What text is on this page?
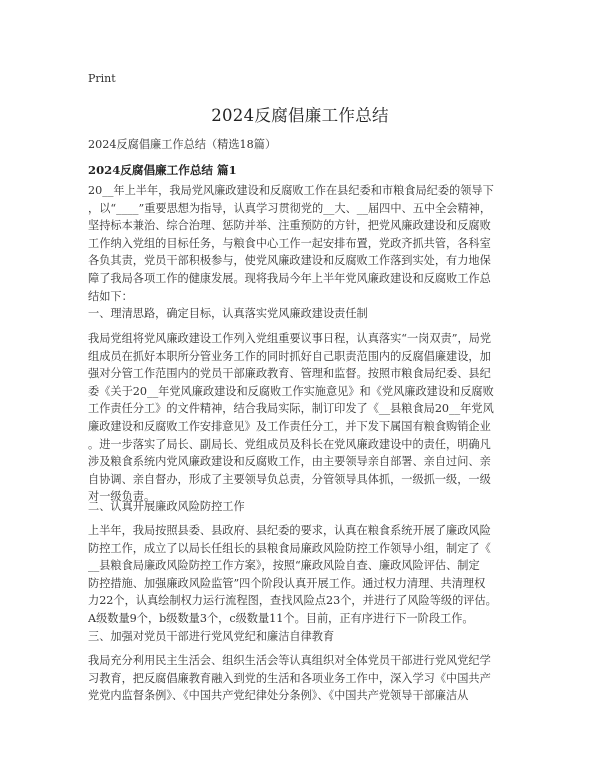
Print
2024反腐倡廉工作总结
2024反腐倡廉工作总结（精选18篇）
2024反腐倡廉工作总结 篇1
20__年上半年，我局党风廉政建设和反腐败工作在县纪委和市粮食局纪委的领导下
，以“____”重要思想为指导，认真学习贯彻党的__大、__届四中、五中全会精神，
坚持标本兼治、综合治理、惩防并举、注重预防的方针，把党风廉政建设和反腐败
工作纳入党组的目标任务，与粮食中心工作一起安排布置，党政齐抓共管，各科室
各负其责，党员干部积极参与，使党风廉政建设和反腐败工作落到实处，有力地保
障了我局各项工作的健康发展。现将我局今年上半年党风廉政建设和反腐败工作总
结如下：
一、理清思路，确定目标，认真落实党风廉政建设责任制
我局党组将党风廉政建设工作列入党组重要议事日程，认真落实“一岗双责”，局党
组成员在抓好本职所分管业务工作的同时抓好自己职责范围内的反腐倡廉建设，加
强对分管工作范围内的党员干部廉政教育、管理和监督。按照市粮食局纪委、县纪
委《关于20__年党风廉政建设和反腐败工作实施意见》和《党风廉政建设和反腐败
工作责任分工》的文件精神，结合我局实际，制订印发了《__县粮食局20__年党风
廉政建设和反腐败工作安排意见》及工作责任分工，并下发下属国有粮食购销企业
。进一步落实了局长、副局长、党组成员及科长在党风廉政建设中的责任，明确凡
涉及粮食系统内党风廉政建设和反腐败工作，由主要领导亲自部署、亲自过问、亲
自协调、亲自督办，形成了主要领导负总责，分管领导具体抓，一级抓一级，一级
对一级负责。
二、认真开展廉政风险防控工作
上半年，我局按照县委、县政府、县纪委的要求，认真在粮食系统开展了廉政风险
防控工作，成立了以局长任组长的县粮食局廉政风险防控工作领导小组，制定了《
__县粮食局廉政风险防控工作方案》，按照“廉政风险自查、廉政风险评估、制定
防控措施、加强廉政风险监管”四个阶段认真开展工作。通过权力清理、共清理权
力22个，认真绘制权力运行流程图，查找风险点23个，并进行了风险等级的评估。
A级数量9个，b级数量3个，c级数量11个。目前，正有序进行下一阶段工作。
三、加强对党员干部进行党风党纪和廉洁自律教育
我局充分利用民主生活会、组织生活会等认真组织对全体党员干部进行党风党纪学
习教育，把反腐倡廉教育融入到党的生活和各项业务工作中，深入学习《中国共产
党党内监督条例》、《中国共产党纪律处分条例》、《中国共产党领导干部廉洁从
